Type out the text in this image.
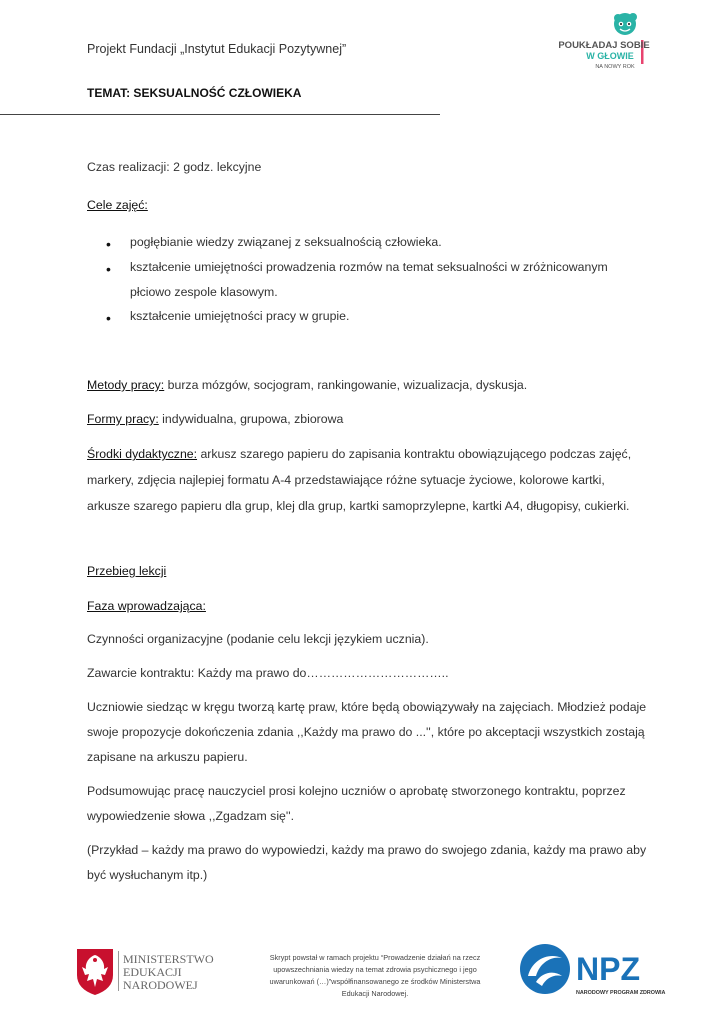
Projekt Fundacji „Instytut Edukacji Pozytywnej”	POUKŁADAJ SOBIE
W GŁOWIE
NA NOWY ROK
TEMAT: SEKSUALNOŚĆ CZŁOWIEKA
Czas realizacji: 2 godz. lekcyjne
Cele zajęć:
• pogłębianie wiedzy związanej z seksualnością człowieka.
• kształcenie umiejętności prowadzenia rozmów na temat seksualności w zróżnicowanym płciowo zespole klasowym.
• kształcenie umiejętności pracy w grupie.
Metody pracy: burza mózgów, socjogram, rankingowanie, wizualizacja, dyskusja.
Formy pracy: indywidualna, grupowa, zbiorowa
Środki dydaktyczne: arkusz szarego papieru do zapisania kontraktu obowiązującego podczas zajęć, markery, zdjęcia najlepiej formatu A-4 przedstawiające różne sytuacje życiowe, kolorowe kartki, arkusze szarego papieru dla grup, klej dla grup, kartki samoprzylepne, kartki A4, długopisy, cukierki.
Przebieg lekcji
Faza wprowadzająca:
Czynności organizacyjne (podanie celu lekcji językiem ucznia).
Zawarcie kontraktu: Każdy ma prawo do……………………………..
Uczniowie siedząc w kręgu tworzą kartę praw, które będą obowiązywały na zajęciach. Młodzież podaje swoje propozycje dokończenia zdania ,,Każdy ma prawo do ...'', które po akceptacji wszystkich zostają zapisane na arkuszu papieru.
Podsumowując pracę nauczyciel prosi kolejno uczniów o aprobatę stworzonego kontraktu, poprzez wypowiedzenie słowa ,,Zgadzam się''.
(Przykład – każdy ma prawo do wypowiedzi, każdy ma prawo do swojego zdania, każdy ma prawo aby być wysłuchanym itp.)
MINISTERSTWO
EDUKACJI
NARODOWEJ
Skrypt powstał w ramach projektu “Prowadzenie działań na rzecz upowszechniania wiedzy na temat zdrowia psychicznego i jego uwarunkowań (…)”współfinansowanego ze środków Ministerstwa Edukacji Narodowej.
NPZ
NARODOWY PROGRAM ZDROWIA
